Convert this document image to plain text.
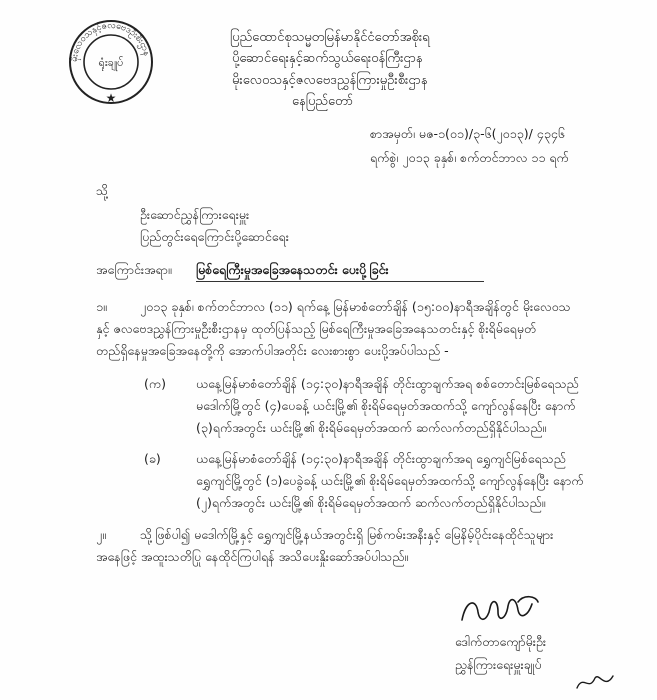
မိုးလေဝသနှင့်ဇလဗေဒဦးစီးဌာန
ရုံးချုပ်
★
ပြည်ထောင်စုသမ္မတမြန်မာနိုင်ငံတော်အစိုးရ
ပို့ဆောင်ရေးနှင့်ဆက်သွယ်ရေးဝန်ကြီးဌာန
မိုးလေဝသနှင့်ဇလဗေဒညွှန်ကြားမှုဦးစီးဌာန
နေပြည်တော်
စာအမှတ်၊ မဇ-၁(၀၁)/၃-၆(၂၀၁၃)/ ၄၃၄၆
ရက်စွဲ၊ ၂၀၁၃ ခုနှစ်၊ စက်တင်ဘာလ ၁၁ ရက်
သို့
ဦးဆောင်ညွှန်ကြားရေးမှူး
ပြည်တွင်းရေကြောင်းပို့ဆောင်ရေး
အကြောင်းအရာ။ မြစ်ရေကြီးမှုအခြေအနေသတင်း ပေးပို့ခြင်း
၁။	၂၀၁၃ ခုနှစ်၊ စက်တင်ဘာလ (၁၁) ရက်နေ့ မြန်မာစံတော်ချိန် (၁၅:၀၀)နာရီအချိန်တွင် မိုးလေဝသ
နှင့် ဇလဗေဒညွှန်ကြားမှုဦးစီးဌာနမှ ထုတ်ပြန်သည့် မြစ်ရေကြီးမှုအခြေအနေသတင်းနှင့် စိုးရိမ်ရေမှတ်
တည်ရှိနေမှုအခြေအနေတို့ကို အောက်ပါအတိုင်း လေးစားစွာ ပေးပို့အပ်ပါသည် -
(က) ယနေ့မြန်မာစံတော်ချိန် (၁၄:၃၀)နာရီအချိန် တိုင်းထွာချက်အရ စစ်တောင်းမြစ်ရေသည်
မဒေါက်မြို့တွင် (၄)ပေခန့် ယင်းမြို့၏ စိုးရိမ်ရေမှတ်အထက်သို့ ကျော်လွန်နေပြီး နောက်
(၃)ရက်အတွင်း ယင်းမြို့၏ စိုးရိမ်ရေမှတ်အထက် ဆက်လက်တည်ရှိနိုင်ပါသည်။
(ခ)	ယနေ့မြန်မာစံတော်ချိန် (၁၄:၃၀)နာရီအချိန် တိုင်းထွာချက်အရ ရွှေကျင်မြစ်ရေသည်
ရွှေကျင်မြို့တွင် (၁)ပေခွဲခန့် ယင်းမြို့၏ စိုးရိမ်ရေမှတ်အထက်သို့ ကျော်လွန်နေပြီး နောက်
(၂)ရက်အတွင်း ယင်းမြို့၏ စိုးရိမ်ရေမှတ်အထက် ဆက်လက်တည်ရှိနိုင်ပါသည်။
၂။	သို့ဖြစ်ပါ၍ မဒေါက်မြို့နှင့် ရွှေကျင်မြို့နယ်အတွင်းရှိ မြစ်ကမ်းအနီးနှင့် မြေနိမ့်ပိုင်းနေထိုင်သူများ
အနေဖြင့် အထူးသတိပြု နေထိုင်ကြပါရန် အသိပေးနှိုးဆော်အပ်ပါသည်။
ဒေါက်တာကျော်မိုးဦး
ညွှန်ကြားရေးမှူးချုပ်
